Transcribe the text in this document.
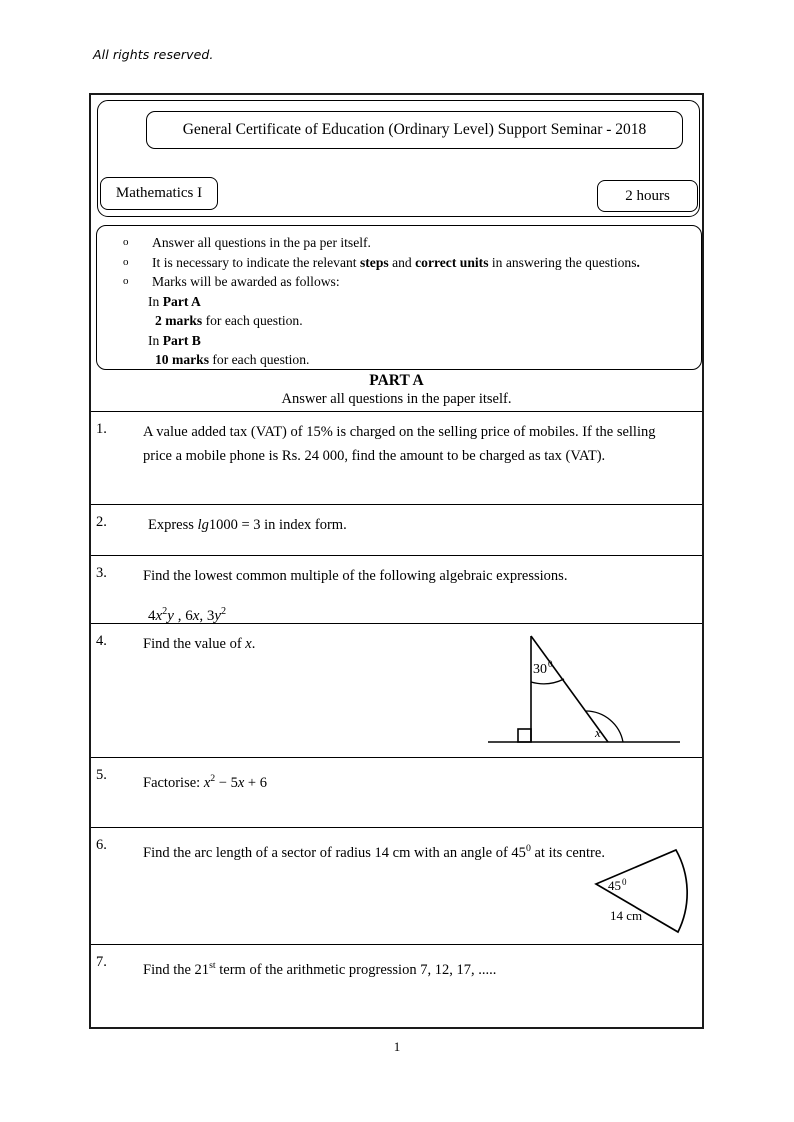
All rights reserved.
General Certificate of Education (Ordinary Level) Support Seminar - 2018
Mathematics I	2 hours
o Answer all questions in the pa per itself.
o It is necessary to indicate the relevant steps and correct units in answering the questions.
o Marks will be awarded as follows:
In Part A
2 marks for each question.
In Part B
10 marks for each question.
PART A
Answer all questions in the paper itself.
1. A value added tax (VAT) of 15% is charged on the selling price of mobiles. If the selling price a mobile phone is Rs. 24 000, find the amount to be charged as tax (VAT).
2.	Express lg1000 = 3 in index form.
3. Find the lowest common multiple of the following algebraic expressions.
$4x^2y$ , 6x, $3y^2$
4. Find the value of x.
30 0
x
5. Factorise: $x^2 - 5x + 6$
6. Find the arc length of a sector of radius 14 cm with an angle of $45^0$ at its centre.
45 0
14 cm
7. Find the 21st term of the arithmetic progression 7, 12, 17, .....
1
